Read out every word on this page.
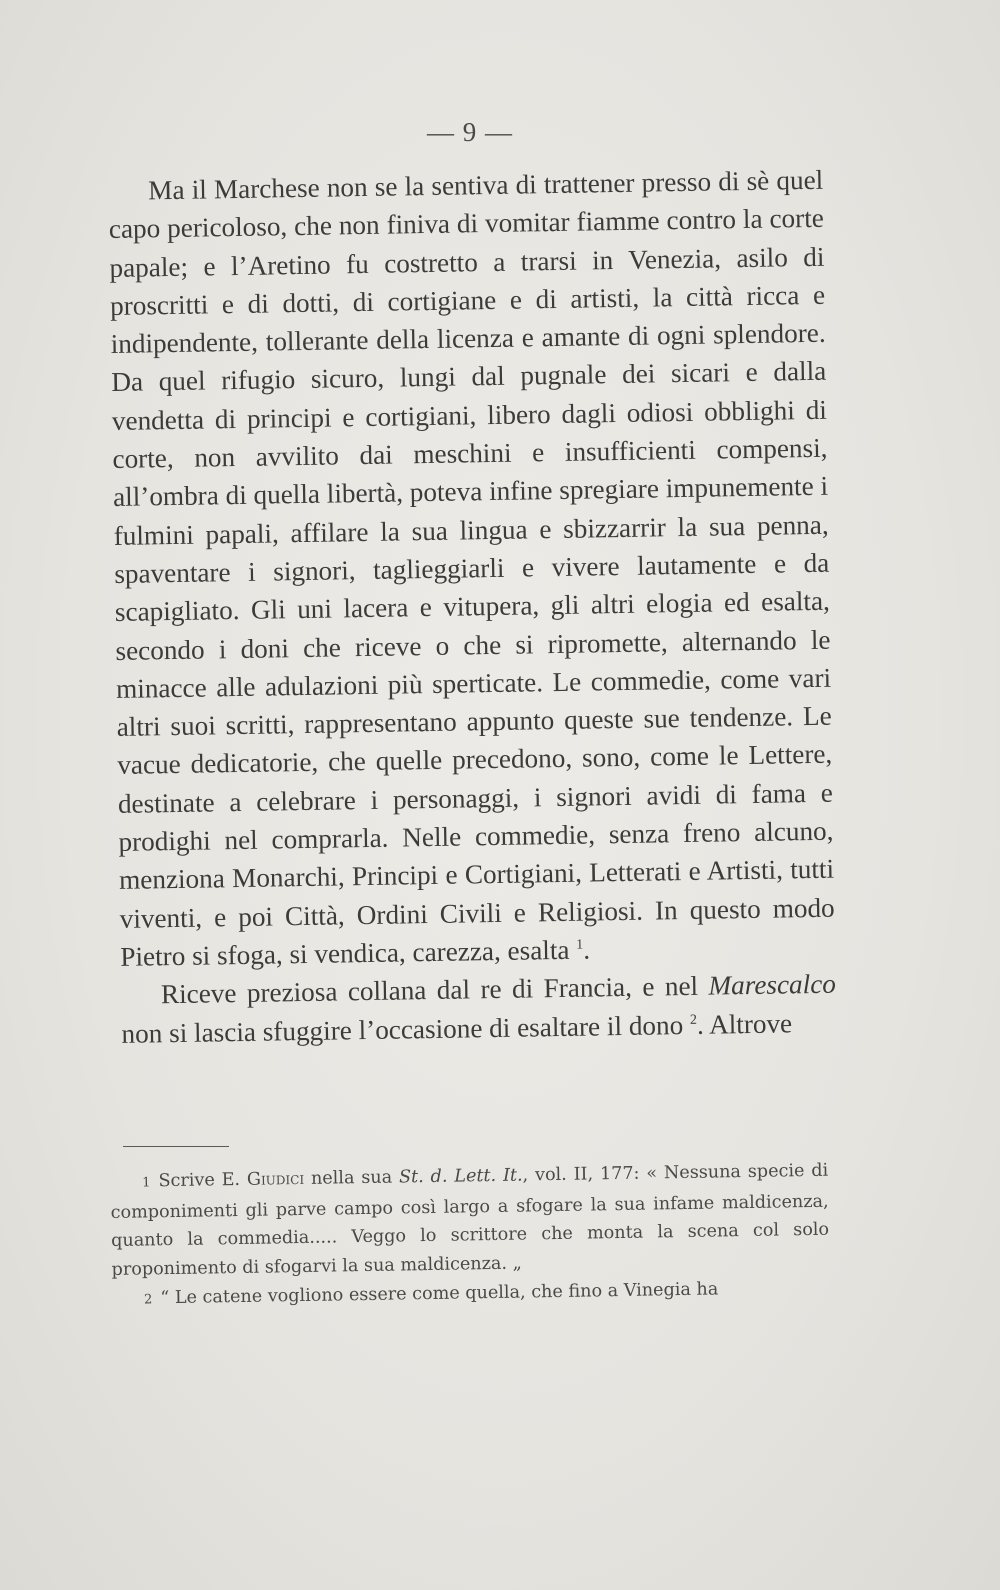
— 9 —

Ma il Marchese non se la sentiva di trattener presso di sè quel capo pericoloso, che non finiva di vomitar fiamme contro la corte papale; e l’Aretino fu costretto a trarsi in Venezia, asilo di proscritti e di dotti, di cortigiane e di artisti, la città ricca e indipendente, tollerante della licenza e amante di ogni splendore. Da quel rifugio sicuro, lungi dal pugnale dei sicari e dalla vendetta di principi e cortigiani, libero dagli odiosi obblighi di corte, non avvilito dai meschini e insufficienti compensi, all’ombra di quella libertà, poteva infine spregiare impunemente i fulmini papali, affilare la sua lingua e sbizzarrir la sua penna, spaventare i signori, taglieggiarli e vivere lautamente e da scapigliato. Gli uni lacera e vitupera, gli altri elogia ed esalta, secondo i doni che riceve o che si ripromette, alternando le minacce alle adulazioni più sperticate. Le commedie, come vari altri suoi scritti, rappresentano appunto queste sue tendenze. Le vacue dedicatorie, che quelle precedono, sono, come le Lettere, destinate a celebrare i personaggi, i signori avidi di fama e prodighi nel comprarla. Nelle commedie, senza freno alcuno, menziona Monarchi, Principi e Cortigiani, Letterati e Artisti, tutti viventi, e poi Città, Ordini Civili e Religiosi. In questo modo Pietro si sfoga, si vendica, carezza, esalta $^1$.

Riceve preziosa collana dal re di Francia, e nel Marescalco non si lascia sfuggire l’occasione di esaltare il dono $^2$. Altrove

1 Scrive E. Giudici nella sua St. d. Lett. It., vol. II, 177: « Nessuna specie di componimenti gli parve campo così largo a sfogare la sua infame maldicenza, quanto la commedia..... Veggo lo scrittore che monta la scena col solo proponimento di sfogarvi la sua maldicenza. „

2 “ Le catene vogliono essere come quella, che fino a Vinegia ha
